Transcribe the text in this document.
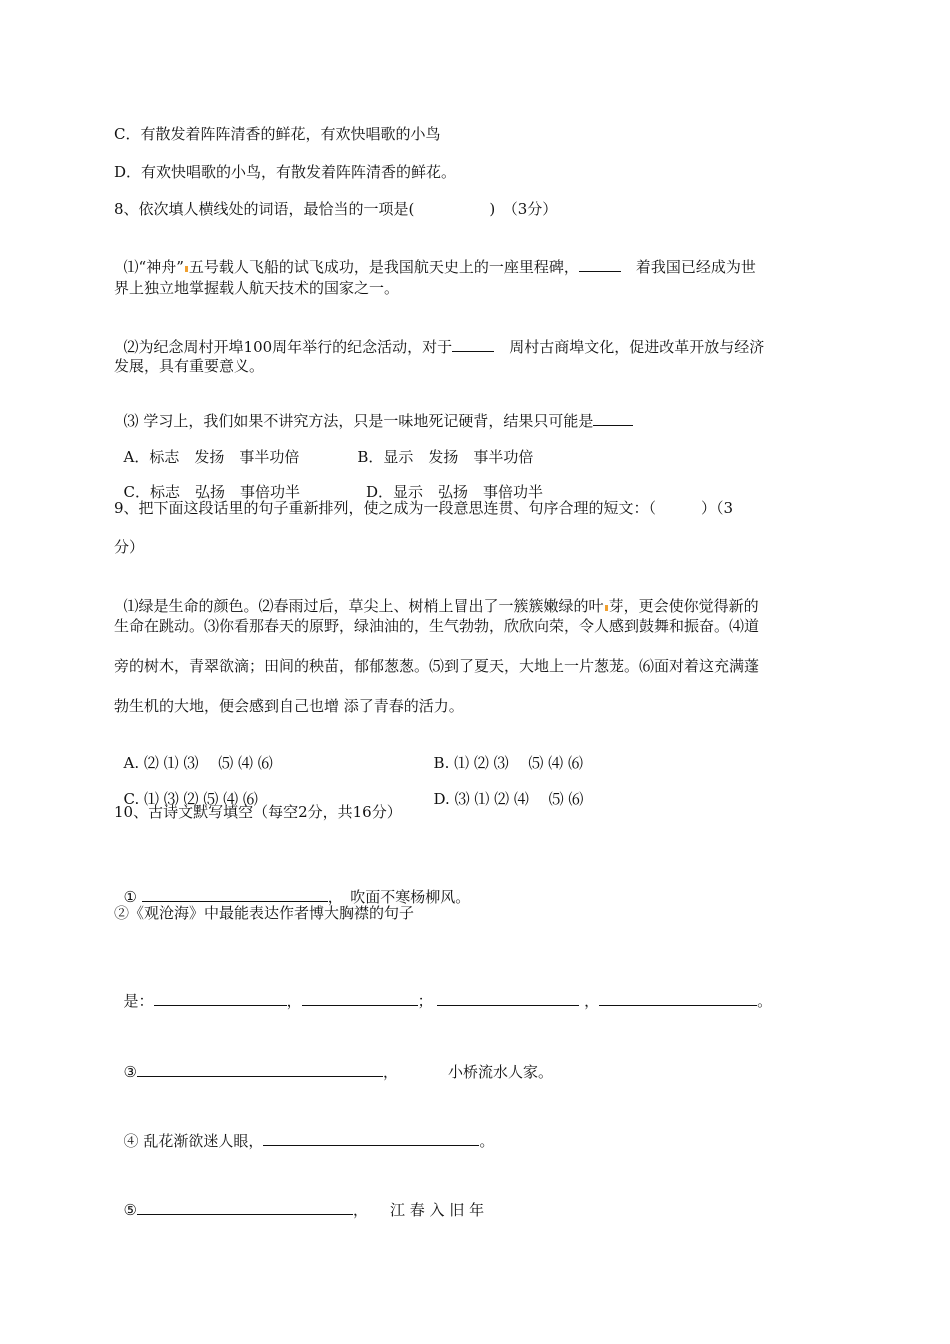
C．有散发着阵阵清香的鲜花，有欢快唱歌的小鸟
D．有欢快唱歌的小鸟，有散发着阵阵清香的鲜花。
8、依次填人横线处的词语，最恰当的一项是(　　　　　)　（3分）

⑴“神舟” 五号载人飞船的试飞成功，是我国航天史上的一座里程碑，	　着我国已经成为世

界上独立地掌握载人航天技术的国家之一。

⑵为纪念周村开埠100周年举行的纪念活动，对于	　周村古商埠文化，促进改革开放与经济

发展，具有重要意义。

⑶ 学习上，我们如果不讲究方法，只是一味地死记硬背，结果只可能是

A．标志　发扬　事半功倍	B．显示　发扬　事半功倍

C．标志　弘扬　事倍功半	D．显示　弘扬　事倍功半

9、把下面这段话里的句子重新排列，使之成为一段意思连贯、句序合理的短文：（　　　）（3
分）

⑴绿是生命的颜色。⑵春雨过后，草尖上、树梢上冒出了一簇簇嫩绿的叶 芽，更会使你觉得新的

生命在跳动。⑶你看那春天的原野，绿油油的，生气勃勃，欣欣向荣，令人感到鼓舞和振奋。⑷道
旁的树木，青翠欲滴；田间的秧苗，郁郁葱葱。⑸到了夏天，大地上一片葱茏。⑹面对着这充满蓬
勃生机的大地，便会感到自己也增 添了青春的活力。

A. ⑵ ⑴ ⑶ 　⑸ ⑷ ⑹	B. ⑴ ⑵ ⑶ 　⑸ ⑷ ⑹

C. ⑴ ⑶ ⑵ ⑸ ⑷ ⑹	D. ⑶ ⑴ ⑵ ⑷ 　⑸ ⑹

10、古诗文默写填空（每空2分，共16分）

①	，　吹面不寒杨柳风。

②《观沧海》中最能表达作者博大胸襟的句子

是：	，	；	，	。

③	，	小桥流水人家。

④ 乱花渐欲迷人眼，	。

⑤	， 江 春 入 旧 年
